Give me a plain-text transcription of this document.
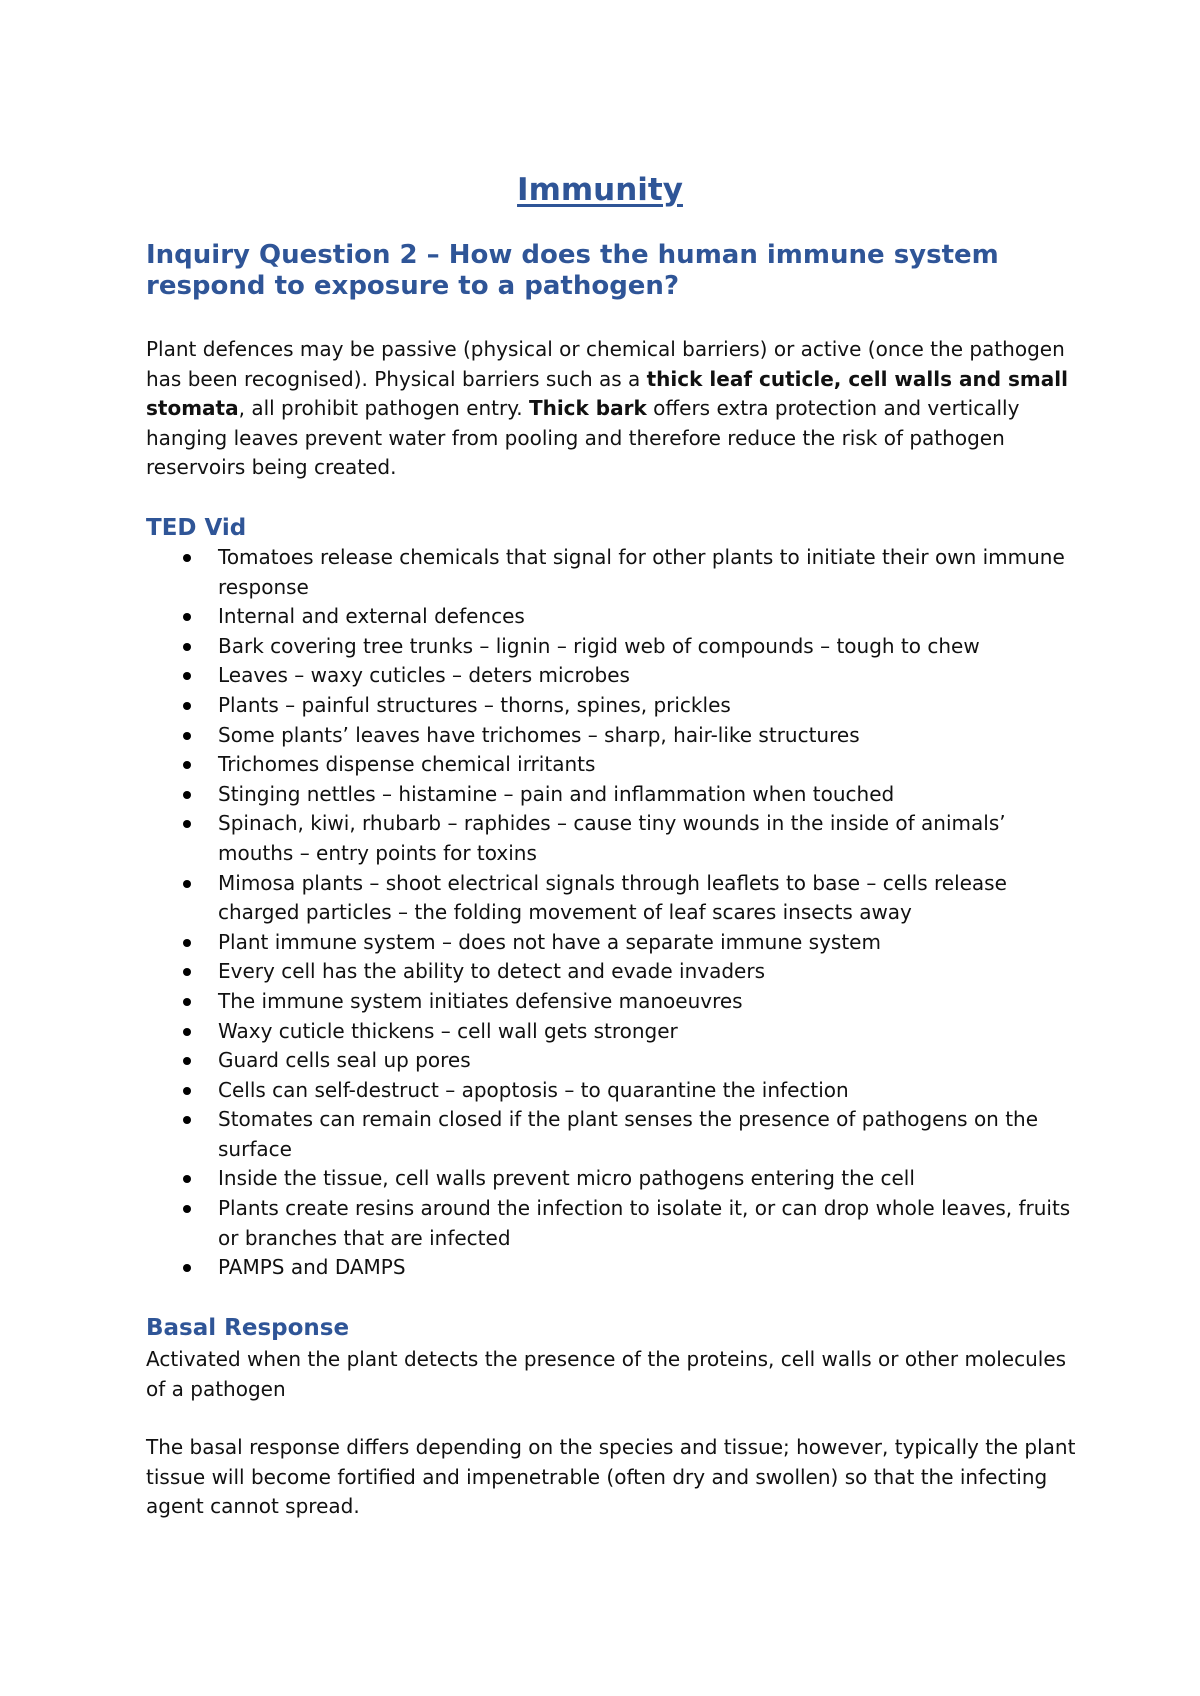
Immunity
Inquiry Question 2 – How does the human immune system respond to exposure to a pathogen?

Plant defences may be passive (physical or chemical barriers) or active (once the pathogen has been recognised). Physical barriers such as a thick leaf cuticle, cell walls and small stomata, all prohibit pathogen entry. Thick bark offers extra protection and vertically hanging leaves prevent water from pooling and therefore reduce the risk of pathogen reservoirs being created.

TED Vid
Tomatoes release chemicals that signal for other plants to initiate their own immune response
Internal and external defences
Bark covering tree trunks – lignin – rigid web of compounds – tough to chew
Leaves – waxy cuticles – deters microbes
Plants – painful structures – thorns, spines, prickles
Some plants’ leaves have trichomes – sharp, hair-like structures
Trichomes dispense chemical irritants
Stinging nettles – histamine – pain and inflammation when touched
Spinach, kiwi, rhubarb – raphides – cause tiny wounds in the inside of animals’ mouths – entry points for toxins
Mimosa plants – shoot electrical signals through leaflets to base – cells release charged particles – the folding movement of leaf scares insects away
Plant immune system – does not have a separate immune system
Every cell has the ability to detect and evade invaders
The immune system initiates defensive manoeuvres
Waxy cuticle thickens – cell wall gets stronger
Guard cells seal up pores
Cells can self-destruct – apoptosis – to quarantine the infection
Stomates can remain closed if the plant senses the presence of pathogens on the surface
Inside the tissue, cell walls prevent micro pathogens entering the cell
Plants create resins around the infection to isolate it, or can drop whole leaves, fruits or branches that are infected
PAMPS and DAMPS
Basal Response

Activated when the plant detects the presence of the proteins, cell walls or other molecules of a pathogen

The basal response differs depending on the species and tissue; however, typically the plant tissue will become fortified and impenetrable (often dry and swollen) so that the infecting agent cannot spread.
